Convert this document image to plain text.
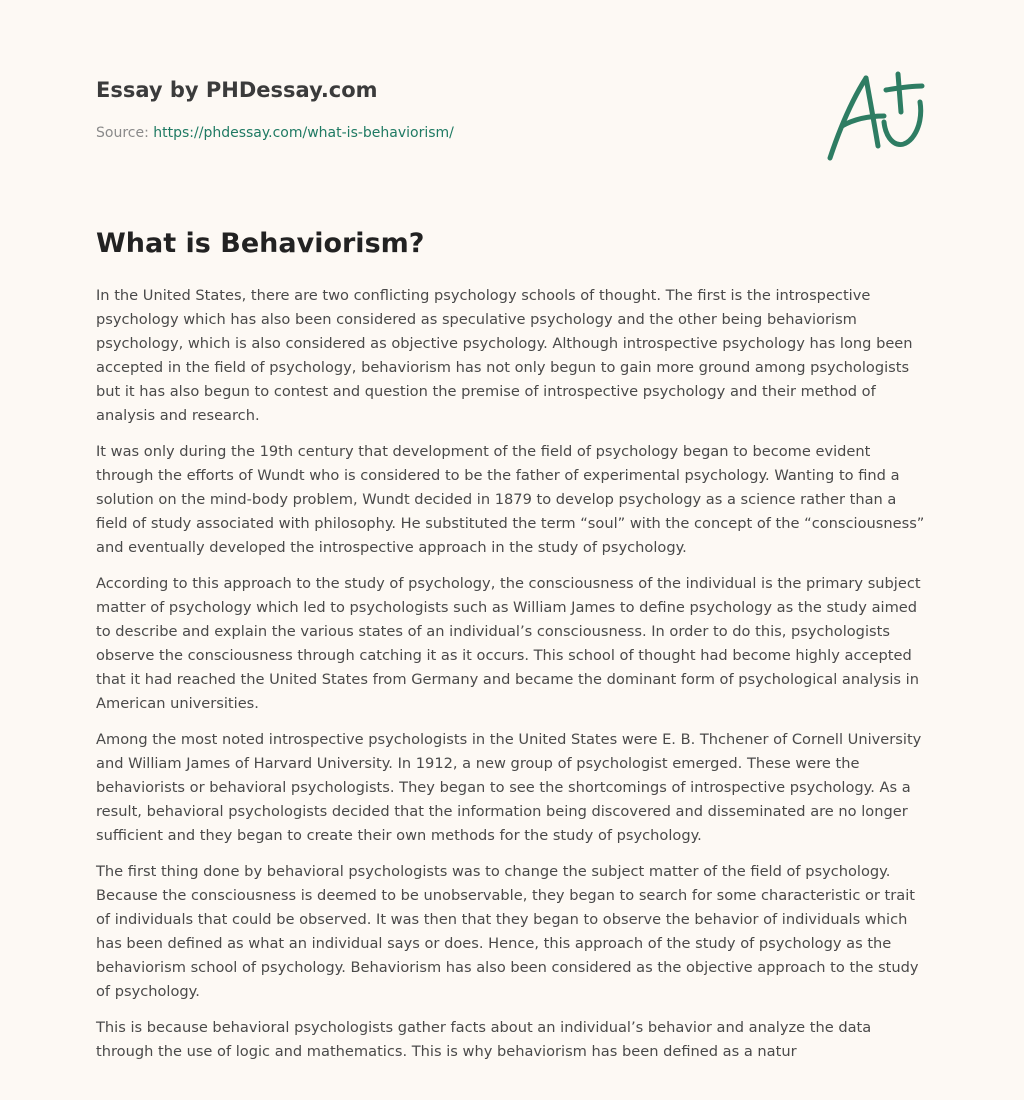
Essay by PHDessay.com
Source: https://phdessay.com/what-is-behaviorism/
What is Behaviorism?

In the United States, there are two conflicting psychology schools of thought. The first is the introspective psychology which has also been considered as speculative psychology and the other being behaviorism psychology, which is also considered as objective psychology. Although introspective psychology has long been accepted in the field of psychology, behaviorism has not only begun to gain more ground among psychologists but it has also begun to contest and question the premise of introspective psychology and their method of analysis and research.

It was only during the 19th century that development of the field of psychology began to become evident through the efforts of Wundt who is considered to be the father of experimental psychology. Wanting to find a solution on the mind-body problem, Wundt decided in 1879 to develop psychology as a science rather than a field of study associated with philosophy. He substituted the term “soul” with the concept of the “consciousness” and eventually developed the introspective approach in the study of psychology.

According to this approach to the study of psychology, the consciousness of the individual is the primary subject matter of psychology which led to psychologists such as William James to define psychology as the study aimed to describe and explain the various states of an individual’s consciousness. In order to do this, psychologists observe the consciousness through catching it as it occurs. This school of thought had become highly accepted that it had reached the United States from Germany and became the dominant form of psychological analysis in American universities.

Among the most noted introspective psychologists in the United States were E. B. Thchener of Cornell University and William James of Harvard University. In 1912, a new group of psychologist emerged. These were the behaviorists or behavioral psychologists. They began to see the shortcomings of introspective psychology. As a result, behavioral psychologists decided that the information being discovered and disseminated are no longer sufficient and they began to create their own methods for the study of psychology.

The first thing done by behavioral psychologists was to change the subject matter of the field of psychology. Because the consciousness is deemed to be unobservable, they began to search for some characteristic or trait of individuals that could be observed. It was then that they began to observe the behavior of individuals which has been defined as what an individual says or does. Hence, this approach of the study of psychology as the behaviorism school of psychology. Behaviorism has also been considered as the objective approach to the study of psychology.

This is because behavioral psychologists gather facts about an individual’s behavior and analyze the data through the use of logic and mathematics. This is why behaviorism has been defined as a natur
